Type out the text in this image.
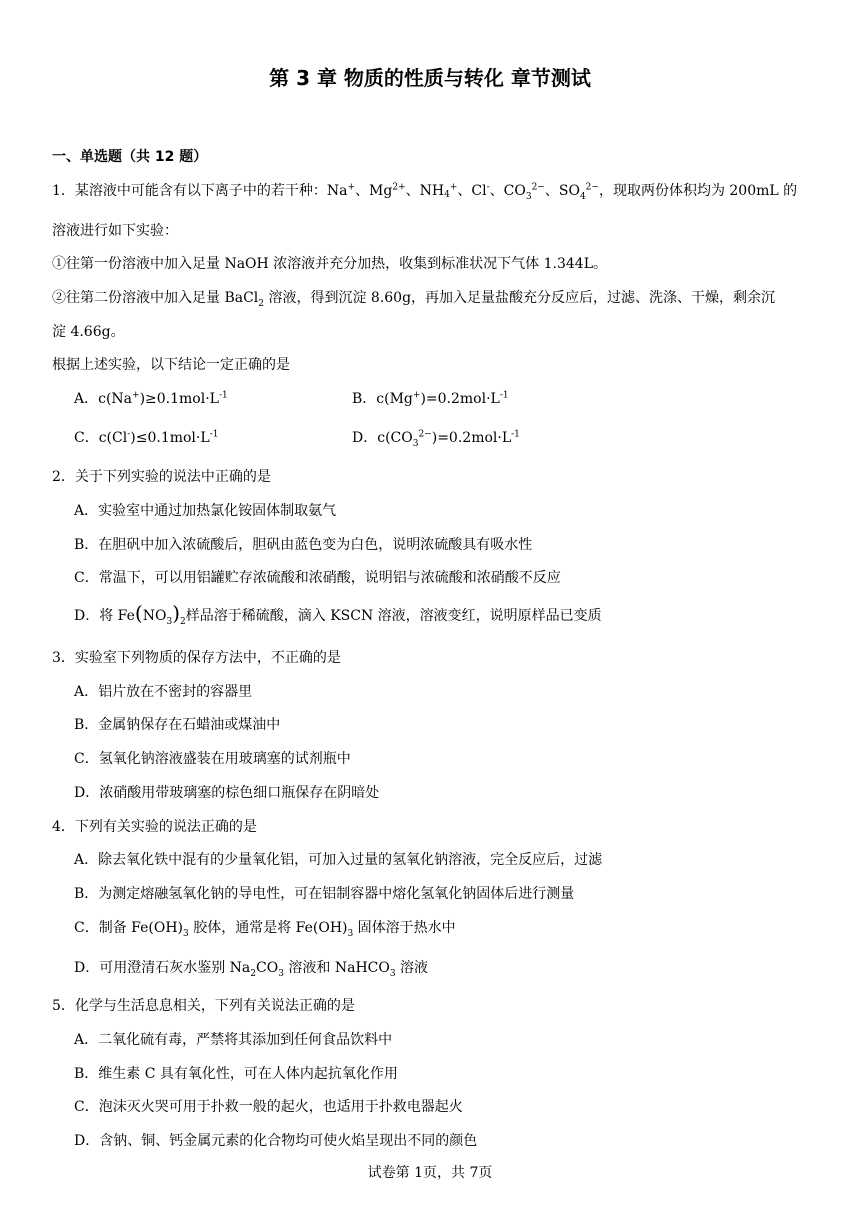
第 3 章 物质的性质与转化 章节测试
一、单选题（共 12 题）
1．某溶液中可能含有以下离子中的若干种：Na+、$Mg^{2+}$、$NH_4^+$、Cl-、$CO_3^{2-}$、$SO_4^{2-}$，现取两份体积均为 200mL 的
溶液进行如下实验：
①往第一份溶液中加入足量 NaOH 浓溶液并充分加热，收集到标准状况下气体 1.344L。
②往第二份溶液中加入足量 BaCl$_2$ 溶液，得到沉淀 8.60g，再加入足量盐酸充分反应后，过滤、洗涤、干燥，剩余沉
淀 4.66g。
根据上述实验，以下结论一定正确的是
A．$c(Na^+)\ge 0.1mol\cdot L^{-1}$	B．$c(Mg^+)=0.2mol\cdot L^{-1}$
C．$c(Cl^-)\le 0.1mol\cdot L^{-1}$	D．$c(CO_3^{2-})=0.2mol\cdot L^{-1}$
2．关于下列实验的说法中正确的是
A．实验室中通过加热氯化铵固体制取氨气
B．在胆矾中加入浓硫酸后，胆矾由蓝色变为白色，说明浓硫酸具有吸水性
C．常温下，可以用铝罐贮存浓硫酸和浓硝酸，说明铝与浓硫酸和浓硝酸不反应
D．将 $Fe(NO_3)_2$样品溶于稀硫酸，滴入 KSCN 溶液，溶液变红，说明原样品已变质
3．实验室下列物质的保存方法中，不正确的是
A．铝片放在不密封的容器里
B．金属钠保存在石蜡油或煤油中
C．氢氧化钠溶液盛装在用玻璃塞的试剂瓶中
D．浓硝酸用带玻璃塞的棕色细口瓶保存在阴暗处
4．下列有关实验的说法正确的是
A．除去氧化铁中混有的少量氧化铝，可加入过量的氢氧化钠溶液，完全反应后，过滤
B．为测定熔融氢氧化钠的导电性，可在铝制容器中熔化氢氧化钠固体后进行测量
C．制备 $Fe(OH)_3$ 胶体，通常是将 $Fe(OH)_3$ 固体溶于热水中
D．可用澄清石灰水鉴别 $Na_2CO_3$ 溶液和 NaHCO$_3$ 溶液
5．化学与生活息息相关，下列有关说法正确的是
A．二氧化硫有毒，严禁将其添加到任何食品饮料中
B．维生素 C 具有氧化性，可在人体内起抗氧化作用
C．泡沫灭火哭可用于扑救一般的起火，也适用于扑救电器起火
D．含钠、铜、钙金属元素的化合物均可使火焰呈现出不同的颜色
试卷第 1页，共 7页
